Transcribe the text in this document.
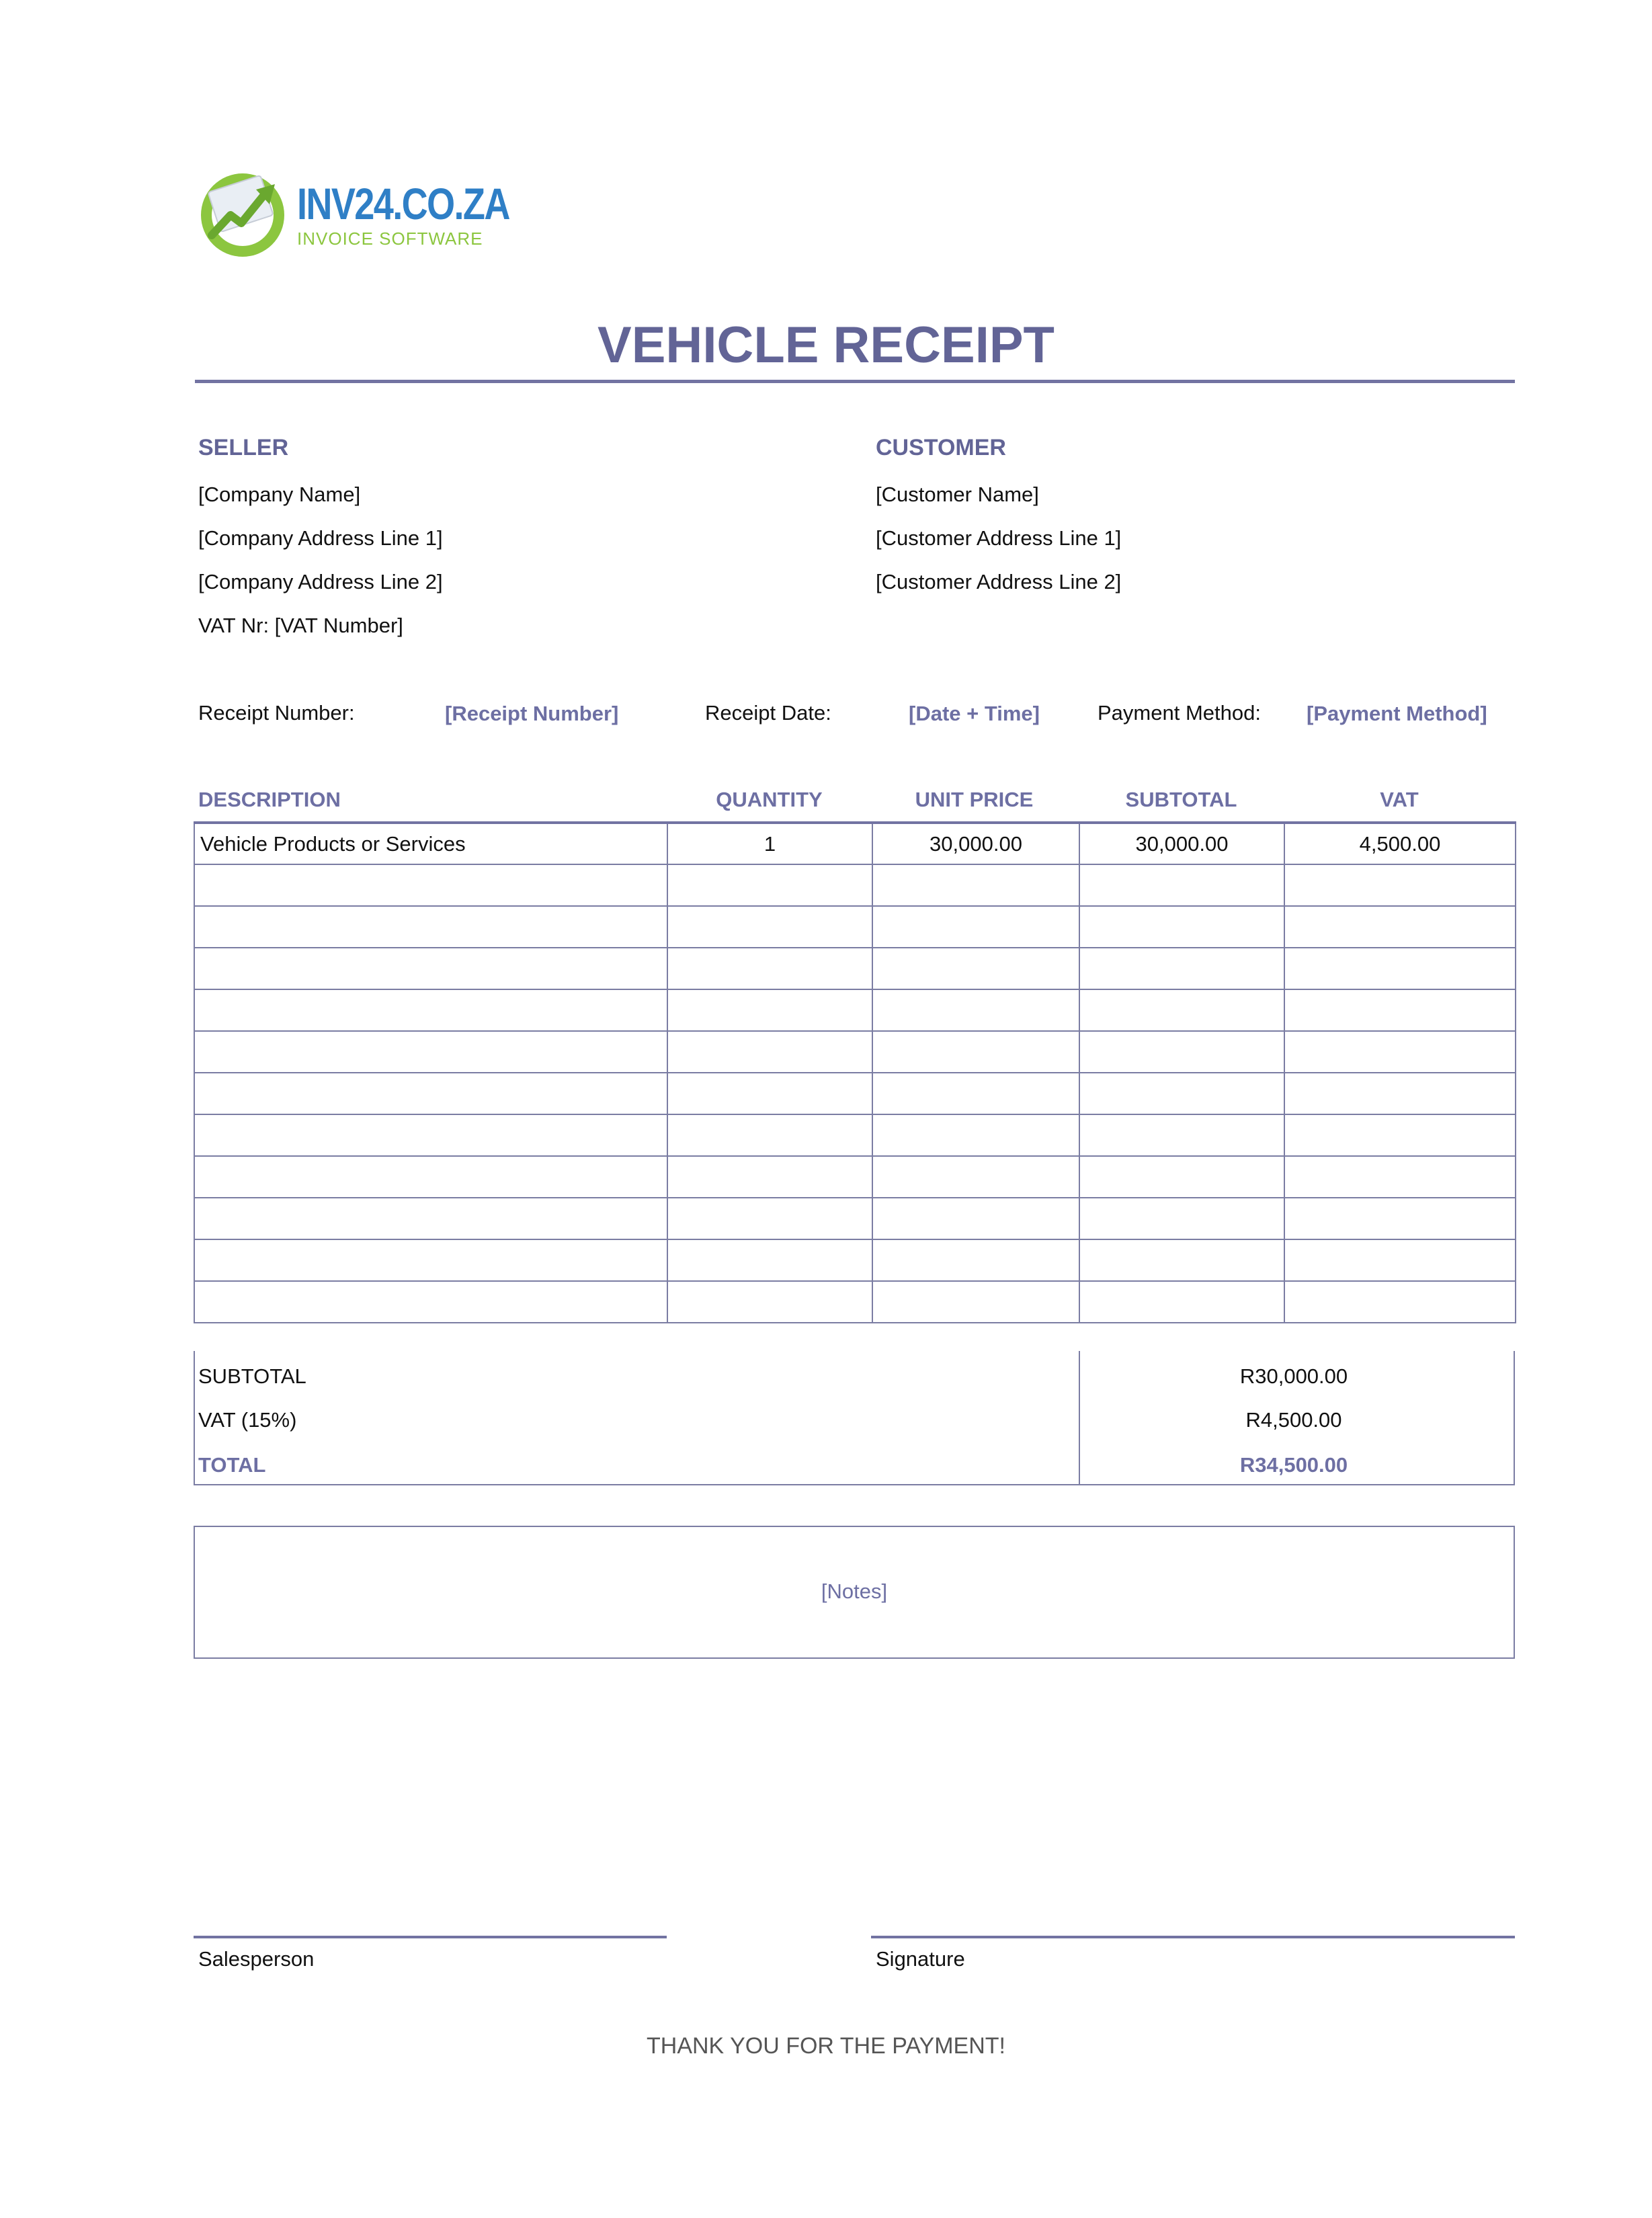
INV24.CO.ZA
INVOICE SOFTWARE
VEHICLE RECEIPT
SELLER
[Company Name]
[Company Address Line 1]
[Company Address Line 2]
VAT Nr: [VAT Number]
CUSTOMER
[Customer Name]
[Customer Address Line 1]
[Customer Address Line 2]
Receipt Number:	[Receipt Number]	Receipt Date:	[Date + Time]	Payment Method: [Payment Method]
DESCRIPTION	QUANTITY	UNIT PRICE	SUBTOTAL	VAT
Vehicle Products or Services	1	30,000.00	30,000.00	4,500.00

SUBTOTAL	R30,000.00
VAT (15%)	R4,500.00
TOTAL	R34,500.00
[Notes]
Salesperson	Signature
THANK YOU FOR THE PAYMENT!
